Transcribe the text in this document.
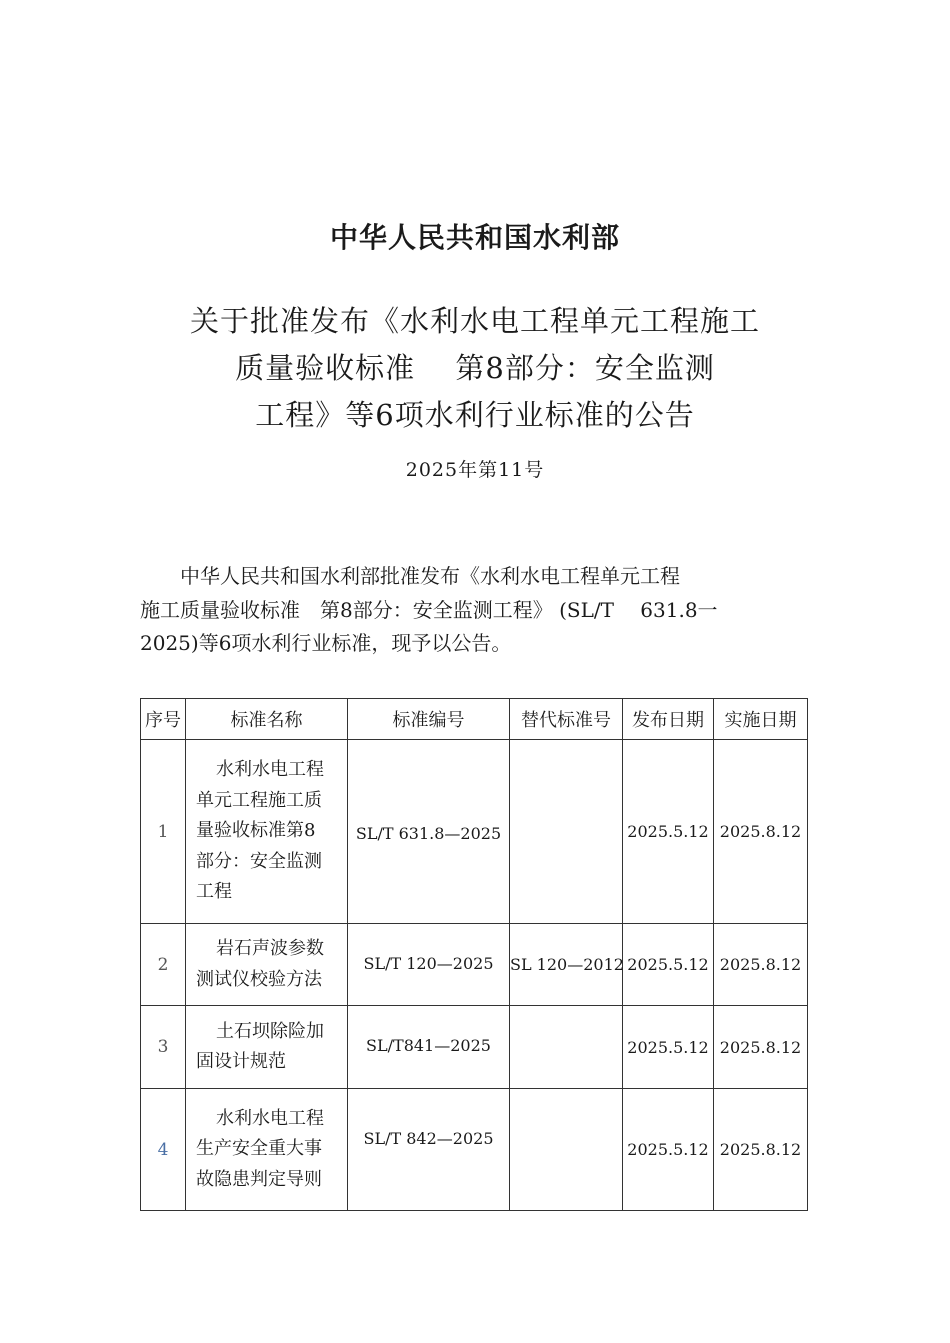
中华人民共和国水利部
关于批准发布《水利水电工程单元工程施工
质量验收标准　 第8部分：安全监测
工程》等6项水利行业标准的公告
2025年第11号
　　中华人民共和国水利部批准发布《水利水电工程单元工程
施工质量验收标准　第8部分：安全监测工程》 (SL/T　 631.8一
2025)等6项水利行业标准，现予以公告。
序号	标准名称	标准编号	替代标准号	发布日期	实施日期
1	水利水电工程
单元工程施工质
量验收标准第8
部分：安全监测
工程	SL/T 631.8—2025		2025.5.12	2025.8.12
2	岩石声波参数
测试仪校验方法	SL/T 120—2025	SL 120—2012	2025.5.12	2025.8.12
3	土石坝除险加
固设计规范	SL/T841—2025		2025.5.12	2025.8.12
4	水利水电工程
生产安全重大事
故隐患判定导则	SL/T 842—2025		2025.5.12	2025.8.12
